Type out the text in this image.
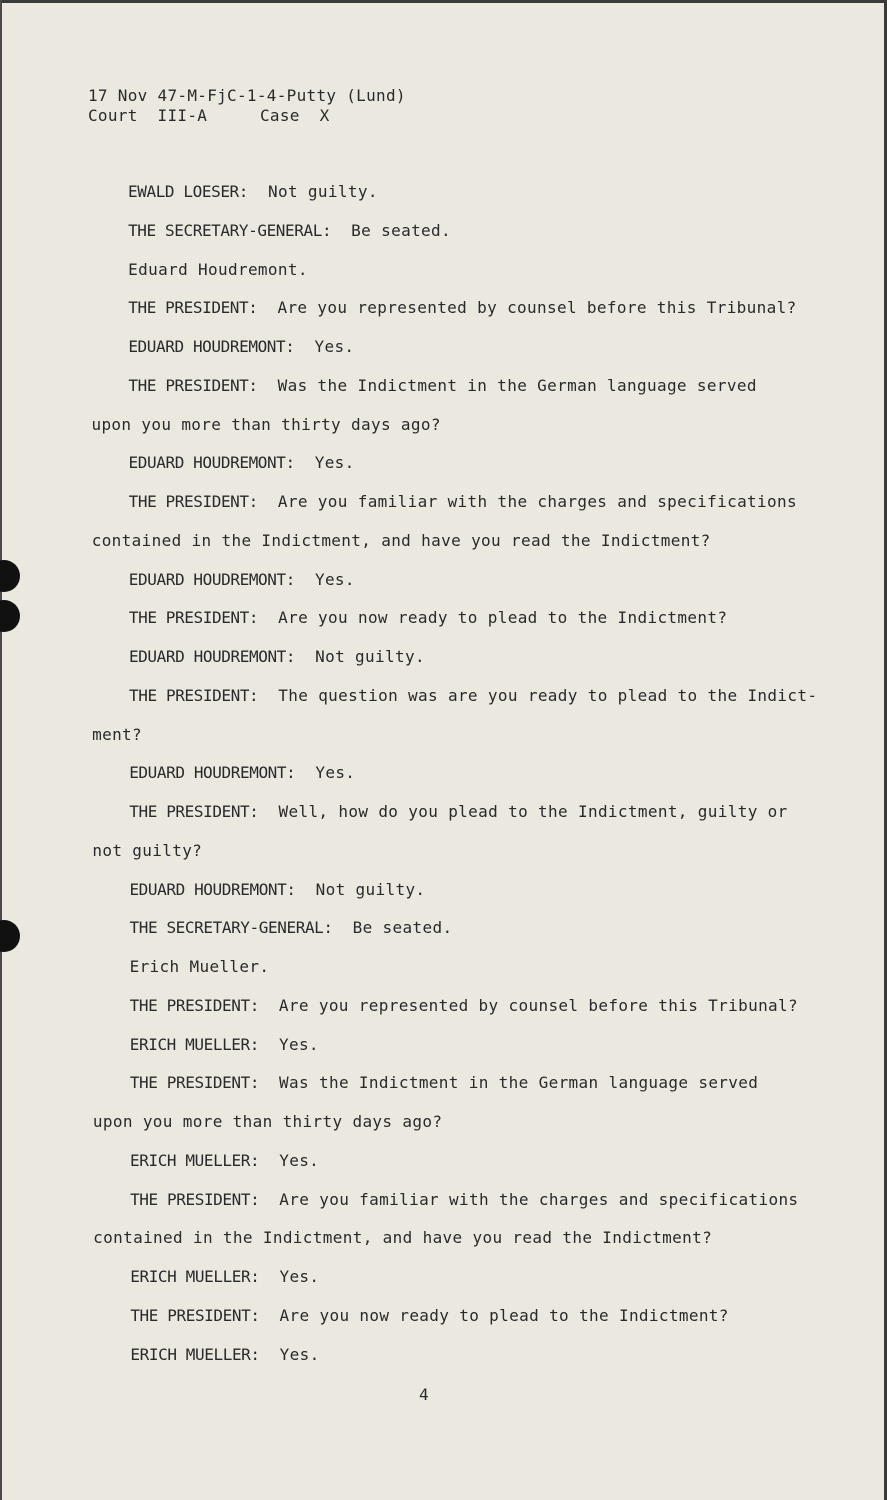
17 Nov 47-M-FjC-1-4-Putty (Lund)
Court  III-A	Case  X
EWALD LOESER:  Not guilty.
THE SECRETARY-GENERAL:  Be seated.
Eduard Houdremont.
THE PRESIDENT:  Are you represented by counsel before this Tribunal?
EDUARD HOUDREMONT:  Yes.
THE PRESIDENT:  Was the Indictment in the German language served
upon you more than thirty days ago?
EDUARD HOUDREMONT:  Yes.
THE PRESIDENT:  Are you familiar with the charges and specifications
contained in the Indictment, and have you read the Indictment?
EDUARD HOUDREMONT:  Yes.
THE PRESIDENT:  Are you now ready to plead to the Indictment?
EDUARD HOUDREMONT:  Not guilty.
THE PRESIDENT:  The question was are you ready to plead to the Indict-
ment?
EDUARD HOUDREMONT:  Yes.
THE PRESIDENT:  Well, how do you plead to the Indictment, guilty or
not guilty?
EDUARD HOUDREMONT:  Not guilty.
THE SECRETARY-GENERAL:  Be seated.
Erich Mueller.
THE PRESIDENT:  Are you represented by counsel before this Tribunal?
ERICH MUELLER:  Yes.
THE PRESIDENT:  Was the Indictment in the German language served
upon you more than thirty days ago?
ERICH MUELLER:  Yes.
THE PRESIDENT:  Are you familiar with the charges and specifications
contained in the Indictment, and have you read the Indictment?
ERICH MUELLER:  Yes.
THE PRESIDENT:  Are you now ready to plead to the Indictment?
ERICH MUELLER:  Yes.
4
